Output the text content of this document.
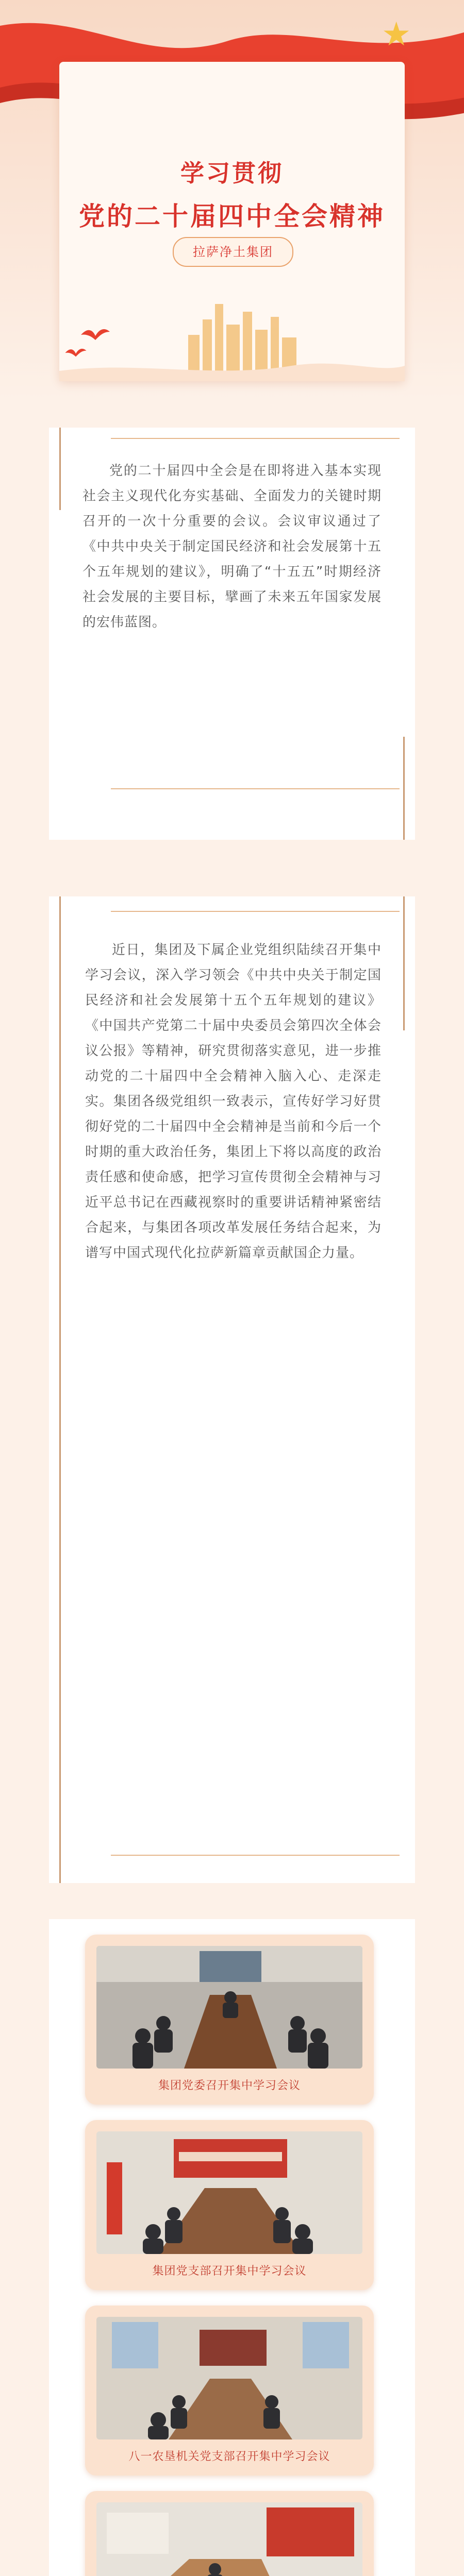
★
学习贯彻
党的二十届四中全会精神
拉萨净土集团

党的二十届四中全会是在即将进入基本实现社会主义现代化夯实基础、全面发力的关键时期召开的一次十分重要的会议。会议审议通过了《中共中央关于制定国民经济和社会发展第十五个五年规划的建议》，明确了“十五五”时期经济社会发展的主要目标，擘画了未来五年国家发展的宏伟蓝图。

近日，集团及下属企业党组织陆续召开集中学习会议，深入学习领会《中共中央关于制定国民经济和社会发展第十五个五年规划的建议》《中国共产党第二十届中央委员会第四次全体会议公报》等精神，研究贯彻落实意见，进一步推动党的二十届四中全会精神入脑入心、走深走实。集团各级党组织一致表示，宣传好学习好贯彻好党的二十届四中全会精神是当前和今后一个时期的重大政治任务，集团上下将以高度的政治责任感和使命感，把学习宣传贯彻全会精神与习近平总书记在西藏视察时的重要讲话精神紧密结合起来，与集团各项改革发展任务结合起来，为谱写中国式现代化拉萨新篇章贡献国企力量。

集团党委召开集中学习会议
集团党支部召开集中学习会议
八一农垦机关党支部召开集中学习会议
